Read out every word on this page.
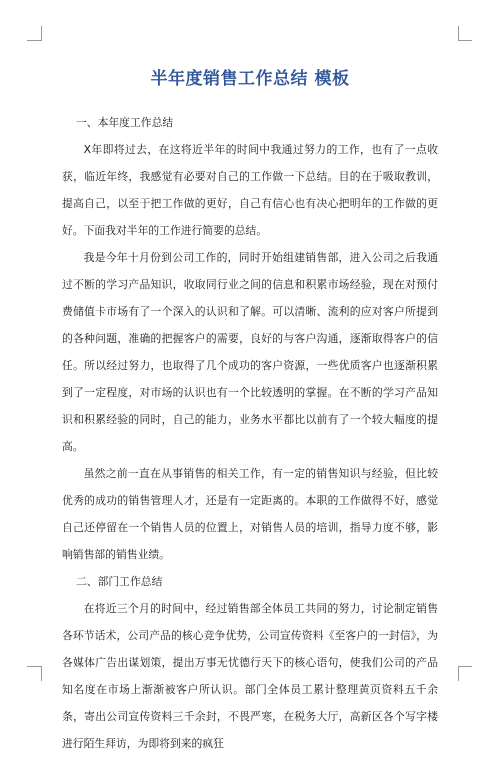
半年度销售工作总结 模板

一、本年度工作总结

X年即将过去，在这将近半年的时间中我通过努力的工作，也有了一点收获，临近年终，我感觉有必要对自己的工作做一下总结。目的在于吸取教训，提高自己，以至于把工作做的更好，自己有信心也有决心把明年的工作做的更好。下面我对半年的工作进行简要的总结。

我是今年十月份到公司工作的，同时开始组建销售部，进入公司之后我通过不断的学习产品知识，收取同行业之间的信息和积累市场经验，现在对预付费储值卡市场有了一个深入的认识和了解。可以清晰、流利的应对客户所提到的各种问题，准确的把握客户的需要，良好的与客户沟通，逐渐取得客户的信任。所以经过努力，也取得了几个成功的客户资源，一些优质客户也逐渐积累到了一定程度，对市场的认识也有一个比较透明的掌握。在不断的学习产品知识和积累经验的同时，自己的能力，业务水平都比以前有了一个较大幅度的提高。

虽然之前一直在从事销售的相关工作，有一定的销售知识与经验，但比较优秀的成功的销售管理人才，还是有一定距离的。本职的工作做得不好，感觉自己还停留在一个销售人员的位置上，对销售人员的培训，指导力度不够，影响销售部的销售业绩。

二、部门工作总结

在将近三个月的时间中，经过销售部全体员工共同的努力，讨论制定销售各环节话术，公司产品的核心竞争优势，公司宣传资料《至客户的一封信》，为各媒体广告出谋划策，提出万事无忧德行天下的核心语句，使我们公司的产品知名度在市场上渐渐被客户所认识。部门全体员工累计整理黄页资料五千余条，寄出公司宣传资料三千余封，不畏严寒，在税务大厅，高新区各个写字楼进行陌生拜访，为即将到来的疯狂
